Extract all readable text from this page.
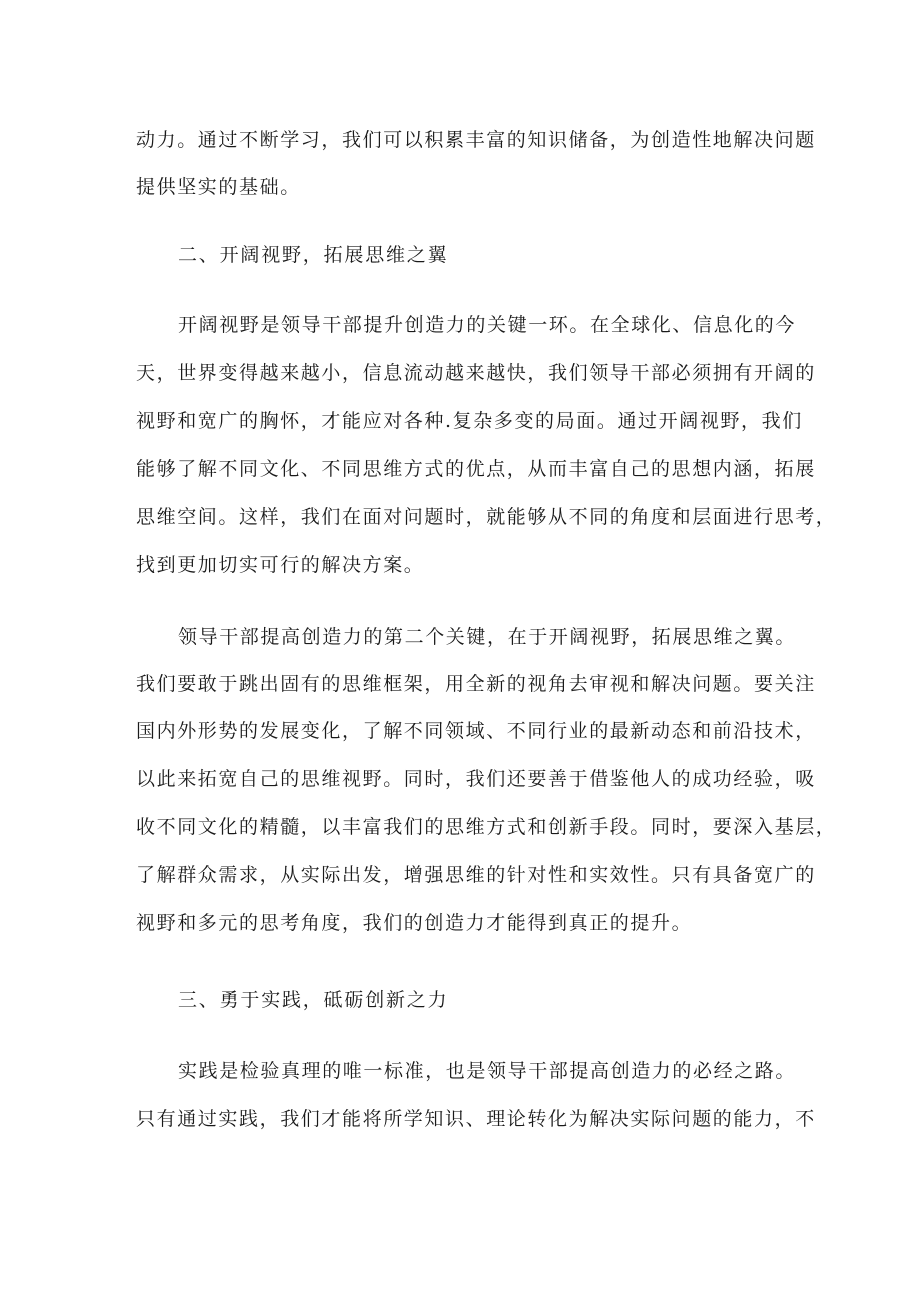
动力。通过不断学习，我们可以积累丰富的知识储备，为创造性地解决问题
提供坚实的基础。
二、开阔视野，拓展思维之翼
开阔视野是领导干部提升创造力的关键一环。在全球化、信息化的今
天，世界变得越来越小，信息流动越来越快，我们领导干部必须拥有开阔的
视野和宽广的胸怀，才能应对各种.复杂多变的局面。通过开阔视野，我们
能够了解不同文化、不同思维方式的优点，从而丰富自己的思想内涵，拓展
思维空间。这样，我们在面对问题时，就能够从不同的角度和层面进行思考，
找到更加切实可行的解决方案。
领导干部提高创造力的第二个关键，在于开阔视野，拓展思维之翼。
我们要敢于跳出固有的思维框架，用全新的视角去审视和解决问题。要关注
国内外形势的发展变化，了解不同领域、不同行业的最新动态和前沿技术，
以此来拓宽自己的思维视野。同时，我们还要善于借鉴他人的成功经验，吸
收不同文化的精髓，以丰富我们的思维方式和创新手段。同时，要深入基层，
了解群众需求，从实际出发，增强思维的针对性和实效性。只有具备宽广的
视野和多元的思考角度，我们的创造力才能得到真正的提升。
三、勇于实践，砥砺创新之力
实践是检验真理的唯一标准，也是领导干部提高创造力的必经之路。
只有通过实践，我们才能将所学知识、理论转化为解决实际问题的能力，不
